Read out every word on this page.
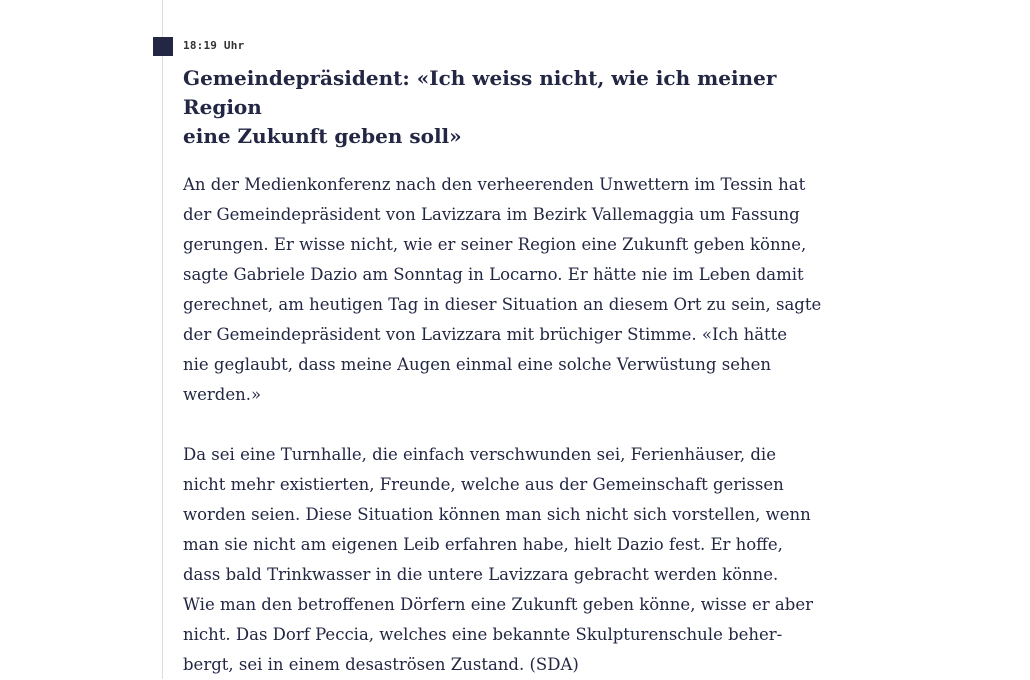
18:19 Uhr

Gemeindepräsident: «Ich weiss nicht, wie ich meiner Region
eine Zukunft geben soll»

An der Medienkonferenz nach den verheerenden Unwettern im Tessin hat
der Gemeindepräsident von Lavizzara im Bezirk Vallemaggia um Fassung
gerungen. Er wisse nicht, wie er seiner Region eine Zukunft geben könne,
sagte Gabriele Dazio am Sonntag in Locarno. Er hätte nie im Leben damit
gerechnet, am heutigen Tag in dieser Situation an diesem Ort zu sein, sagte
der Gemeindepräsident von Lavizzara mit brüchiger Stimme. «Ich hätte
nie geglaubt, dass meine Augen einmal eine solche Verwüstung sehen
werden.»

Da sei eine Turnhalle, die einfach verschwunden sei, Ferienhäuser, die
nicht mehr existierten, Freunde, welche aus der Gemeinschaft gerissen
worden seien. Diese Situation können man sich nicht sich vorstellen, wenn
man sie nicht am eigenen Leib erfahren habe, hielt Dazio fest. Er hoffe,
dass bald Trinkwasser in die untere Lavizzara gebracht werden könne.
Wie man den betroffenen Dörfern eine Zukunft geben könne, wisse er aber
nicht. Das Dorf Peccia, welches eine bekannte Skulpturenschule beher-
bergt, sei in einem desaströsen Zustand. (SDA)
